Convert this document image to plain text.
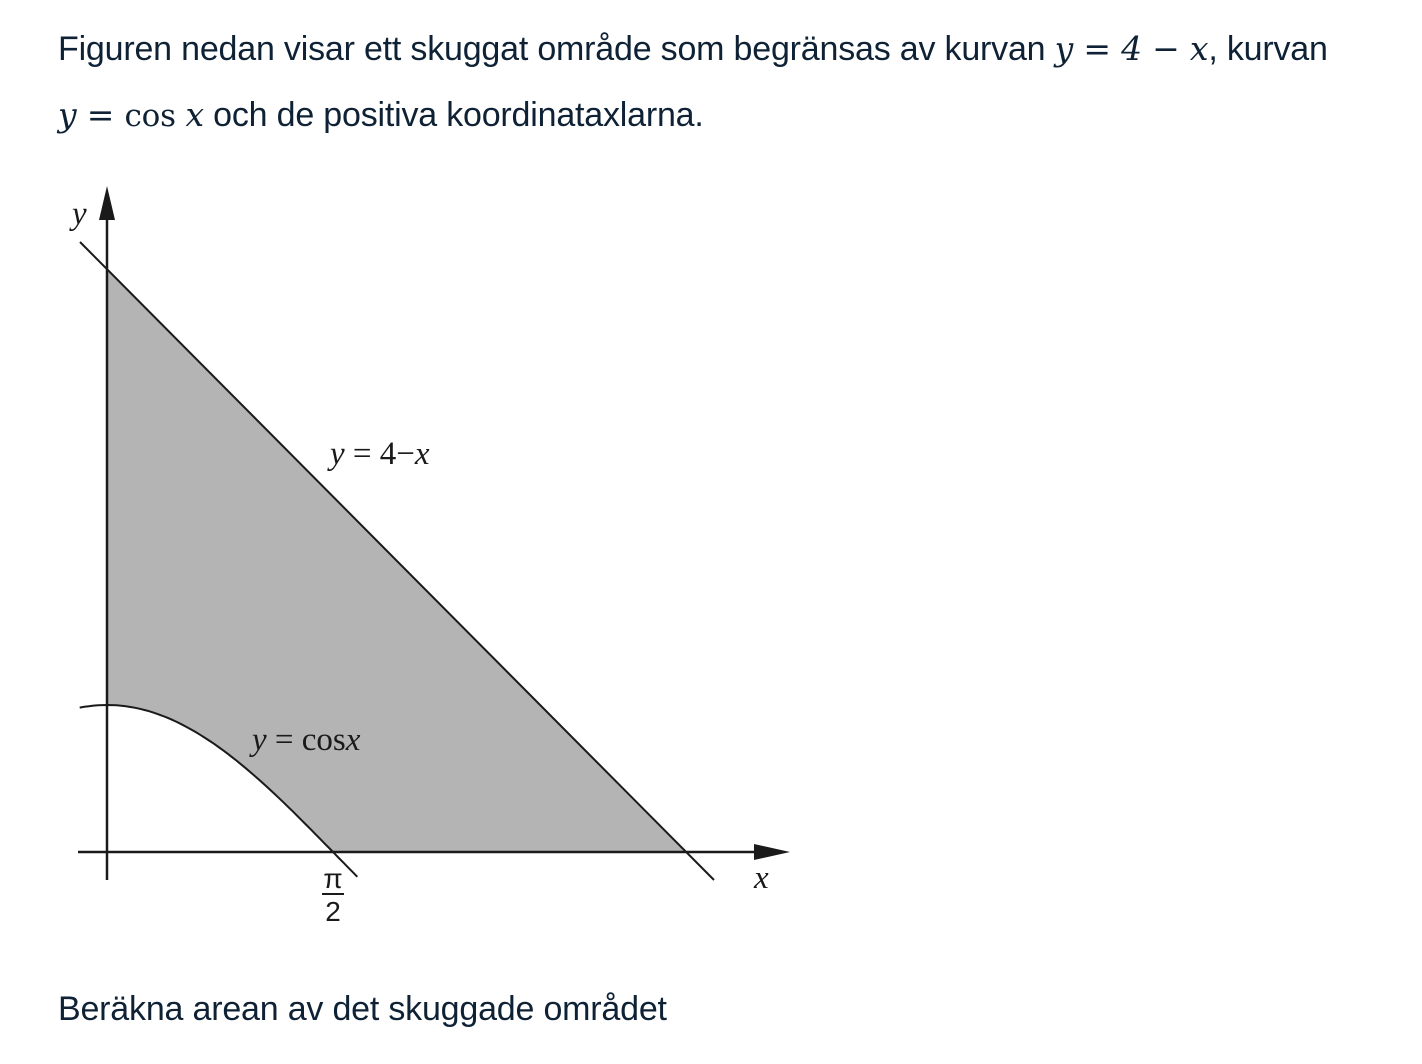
Figuren nedan visar ett skuggat område som begränsas av kurvan y = 4 − x, kurvan
y = cos x och de positiva koordinataxlarna.
y
x
y = 4−x
y = cosx
π
2
Beräkna arean av det skuggade området
